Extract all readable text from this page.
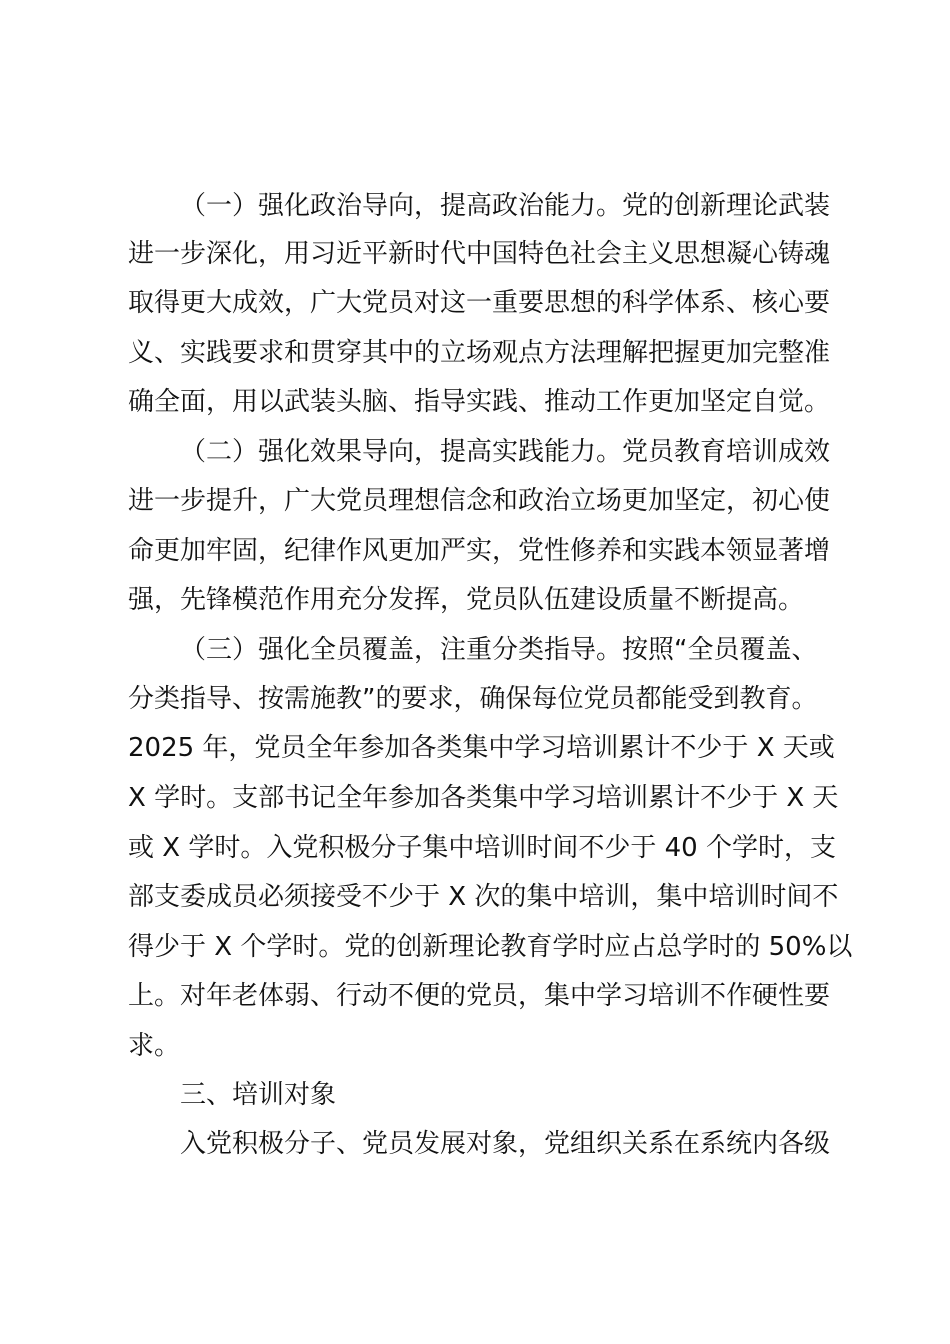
（一）强化政治导向，提高政治能力。党的创新理论武装
进一步深化，用习近平新时代中国特色社会主义思想凝心铸魂
取得更大成效，广大党员对这一重要思想的科学体系、核心要
义、实践要求和贯穿其中的立场观点方法理解把握更加完整准
确全面，用以武装头脑、指导实践、推动工作更加坚定自觉。
（二）强化效果导向，提高实践能力。党员教育培训成效
进一步提升，广大党员理想信念和政治立场更加坚定，初心使
命更加牢固，纪律作风更加严实，党性修养和实践本领显著增
强，先锋模范作用充分发挥，党员队伍建设质量不断提高。
（三）强化全员覆盖，注重分类指导。按照“全员覆盖、
分类指导、按需施教”的要求，确保每位党员都能受到教育。
2025 年，党员全年参加各类集中学习培训累计不少于 X 天或
X 学时。支部书记全年参加各类集中学习培训累计不少于 X 天
或 X 学时。入党积极分子集中培训时间不少于 40 个学时，支
部支委成员必须接受不少于 X 次的集中培训，集中培训时间不
得少于 X 个学时。党的创新理论教育学时应占总学时的 50%以
上。对年老体弱、行动不便的党员，集中学习培训不作硬性要
求。
三、培训对象
入党积极分子、党员发展对象，党组织关系在系统内各级
